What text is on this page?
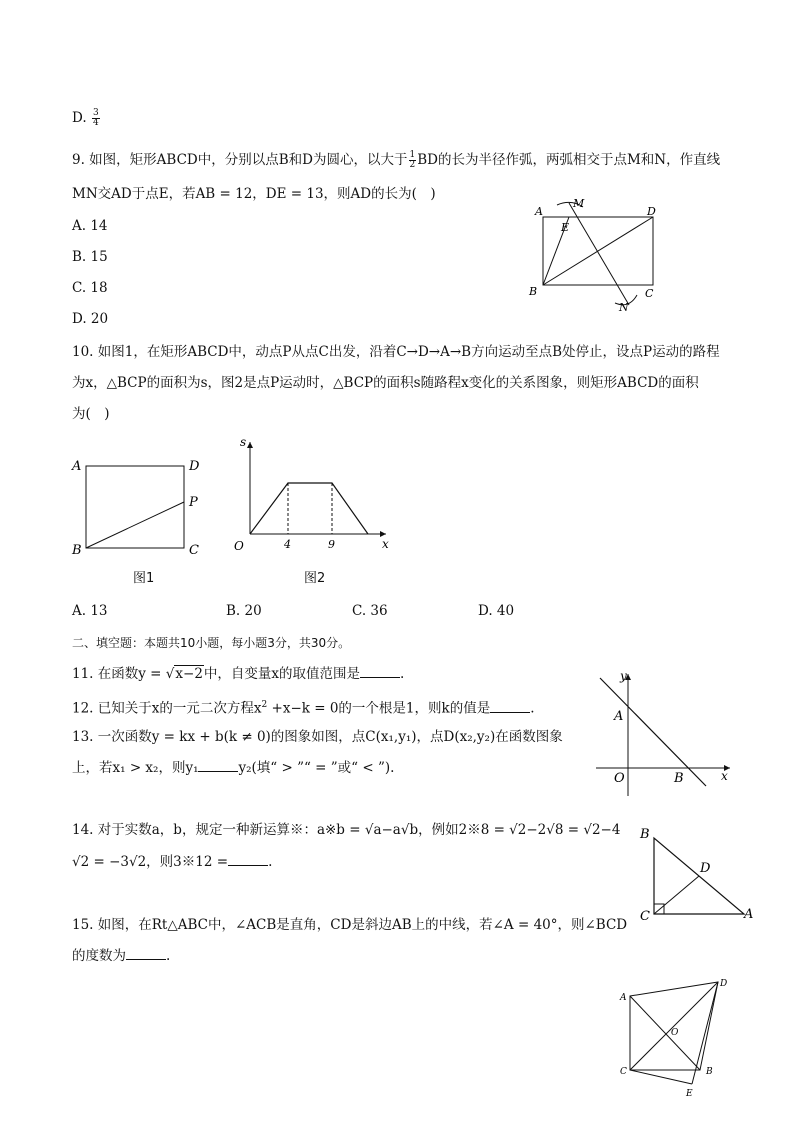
D. $\frac{3}{4}$
9. 如图，矩形ABCD中，分别以点B和D为圆心，以大于 $\frac{1}{2}$ BD的长为半径作弧，两弧相交于点M和N，作直线
MN交AD于点E，若AB = 12，DE = 13，则AD的长为(　)
A. 14
B. 15
C. 18
D. 20
A
M
D
E
B	C
N
10. 如图1，在矩形ABCD中，动点P从点C出发，沿着C→D→A→B方向运动至点B处停止，设点P运动的路程
为x，△BCP的面积为s，图2是点P运动时，△BCP的面积s随路程x变化的关系图象，则矩形ABCD的面积
为(　)
A	D
P
B	C
图1
s
O	x
4	9
图2
A. 13	B. 20	C. 36	D. 40
二、填空题：本题共10小题，每小题3分，共30分。
11. 在函数y = √x−2中，自变量x的取值范围是	.
12. 已知关于x的一元二次方程$x^2 +x-k = 0$的一个根是1，则k的值是	.
13. 一次函数y = kx + b(k ≠ 0)的图象如图，点C(x₁,y₁)，点D(x₂,y₂)在函数图象
上，若x₁ > x₂，则y₁	y₂(填“ > ”“ = ”或“ < ”).
y
A
O	B	x
14. 对于实数a，b，规定一种新运算※：a※b = √a−a√b，例如2※8 = √2−2√8 = √2−4
√2 = −3√2，则3※12 =	.
B
D
C	A
15. 如图，在Rt△ABC中，∠ACB是直角，CD是斜边AB上的中线，若∠A = 40°，则∠BCD
的度数为	.
A
D
O
C	B
E
